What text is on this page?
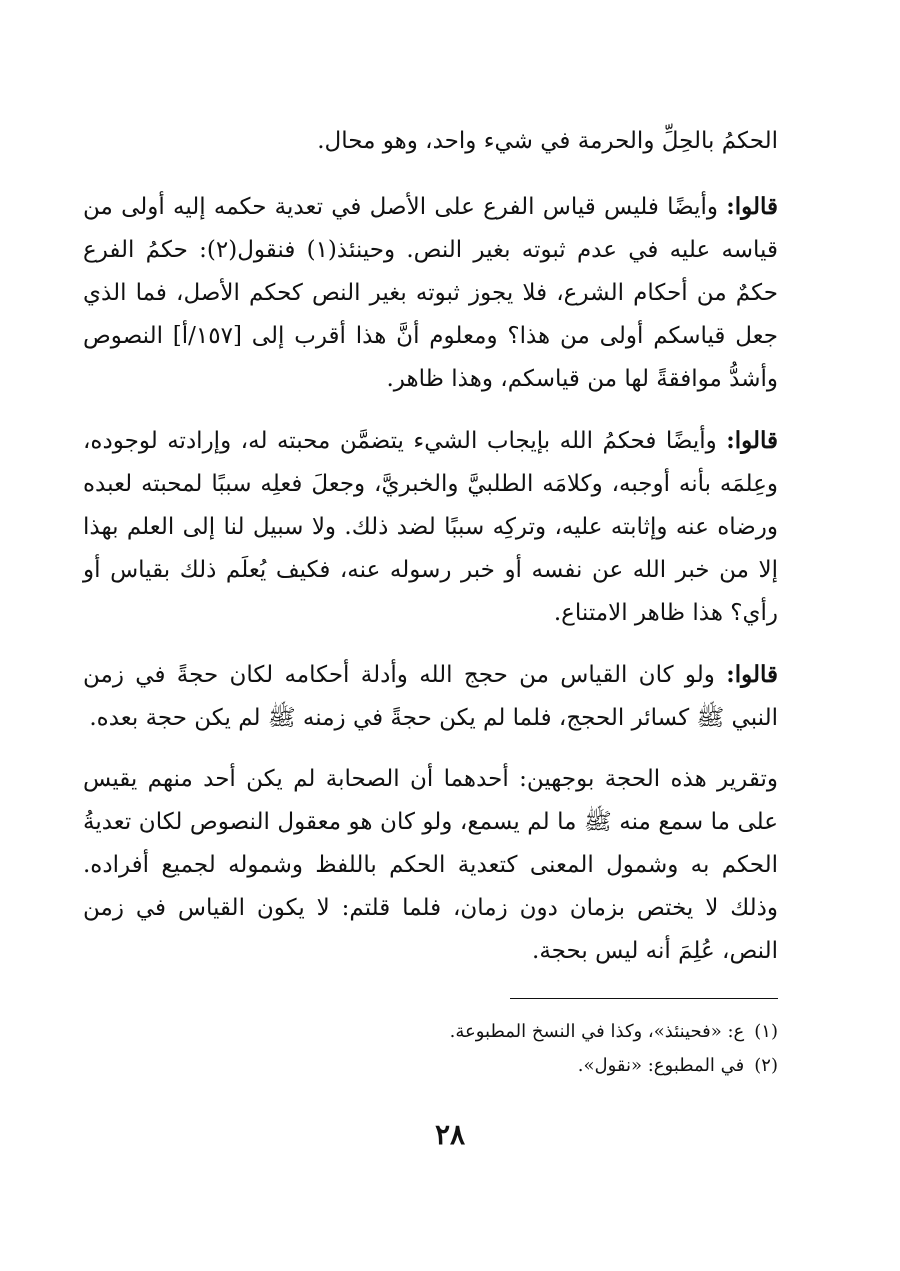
الحكمُ بالحِلِّ والحرمة في شيء واحد، وهو محال.

قالوا: وأيضًا فليس قياس الفرع على الأصل في تعدية حكمه إليه أولى من قياسه عليه في عدم ثبوته بغير النص. وحينئذ(١) فنقول(٢): حكمُ الفرع حكمٌ من أحكام الشرع، فلا يجوز ثبوته بغير النص كحكم الأصل، فما الذي جعل قياسكم أولى من هذا؟ ومعلوم أنَّ هذا أقرب إلى [١٥٧/أ] النصوص وأشدُّ موافقةً لها من قياسكم، وهذا ظاهر.

قالوا: وأيضًا فحكمُ الله بإيجاب الشيء يتضمَّن محبته له، وإرادته لوجوده، وعِلمَه بأنه أوجبه، وكلامَه الطلبيَّ والخبريَّ، وجعلَ فعلِه سببًا لمحبته لعبده ورضاه عنه وإثابته عليه، وتركِه سببًا لضد ذلك. ولا سبيل لنا إلى العلم بهذا إلا من خبر الله عن نفسه أو خبر رسوله عنه، فكيف يُعلَم ذلك بقياس أو رأي؟ هذا ظاهر الامتناع.

قالوا: ولو كان القياس من حجج الله وأدلة أحكامه لكان حجةً في زمن النبي ﷺ كسائر الحجج، فلما لم يكن حجةً في زمنه ﷺ لم يكن حجة بعده.

وتقرير هذه الحجة بوجهين: أحدهما أن الصحابة لم يكن أحد منهم يقيس على ما سمع منه ﷺ ما لم يسمع، ولو كان هو معقول النصوص لكان تعديةُ الحكم به وشمول المعنى كتعدية الحكم باللفظ وشموله لجميع أفراده. وذلك لا يختص بزمان دون زمان، فلما قلتم: لا يكون القياس في زمن النص، عُلِمَ أنه ليس بحجة.

(١)ع: «فحينئذ»، وكذا في النسخ المطبوعة.

(٢)في المطبوع: «نقول».

٢٨
